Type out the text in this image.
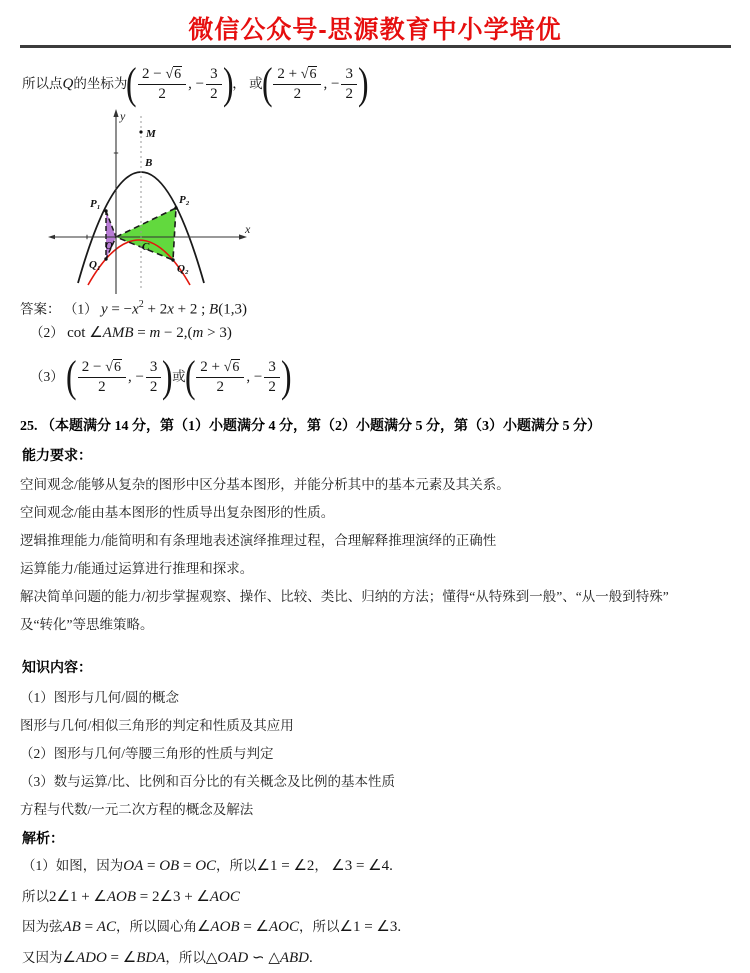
微信公众号-思源教育中小学培优
所以点Q的坐标为( $\frac{2 - √6}{2}$ , − $\frac{3}{2}$ )， 或( $\frac{2 + √6}{2}$ , − $\frac{3}{2}$ )
y
x
M
B
P₁	P₂
Q₁	Q₂
O	C
答案： （1） $y = -x^2 + 2x + 2$ ; B(1,3)
（2） cot ∠AMB = m − 2,(m > 3)
（3） ( $\frac{2 - √6}{2}$ , − $\frac{3}{2}$ )或( $\frac{2 + √6}{2}$ , − $\frac{3}{2}$ )
25. （本题满分 14 分，第（1）小题满分 4 分，第（2）小题满分 5 分，第（3）小题满分 5 分）
能力要求：
空间观念/能够从复杂的图形中区分基本图形，并能分析其中的基本元素及其关系。
空间观念/能由基本图形的性质导出复杂图形的性质。
逻辑推理能力/能简明和有条理地表述演绎推理过程，合理解释推理演绎的正确性
运算能力/能通过运算进行推理和探求。
解决简单问题的能力/初步掌握观察、操作、比较、类比、归纳的方法；懂得“从特殊到一般”、“从一般到特殊”
及“转化”等思维策略。
知识内容：
（1）图形与几何/圆的概念
图形与几何/相似三角形的判定和性质及其应用
（2）图形与几何/等腰三角形的性质与判定
（3）数与运算/比、比例和百分比的有关概念及比例的基本性质
方程与代数/一元二次方程的概念及解法
解析：
（1）如图，因为OA = OB = OC，所以∠1 = ∠2， ∠3 = ∠4.
所以2∠1 + ∠AOB = 2∠3 + ∠AOC
因为弦AB = AC，所以圆心角∠AOB = ∠AOC，所以∠1 = ∠3.
又因为∠ADO = ∠BDA，所以△OAD ∽ △ABD.
